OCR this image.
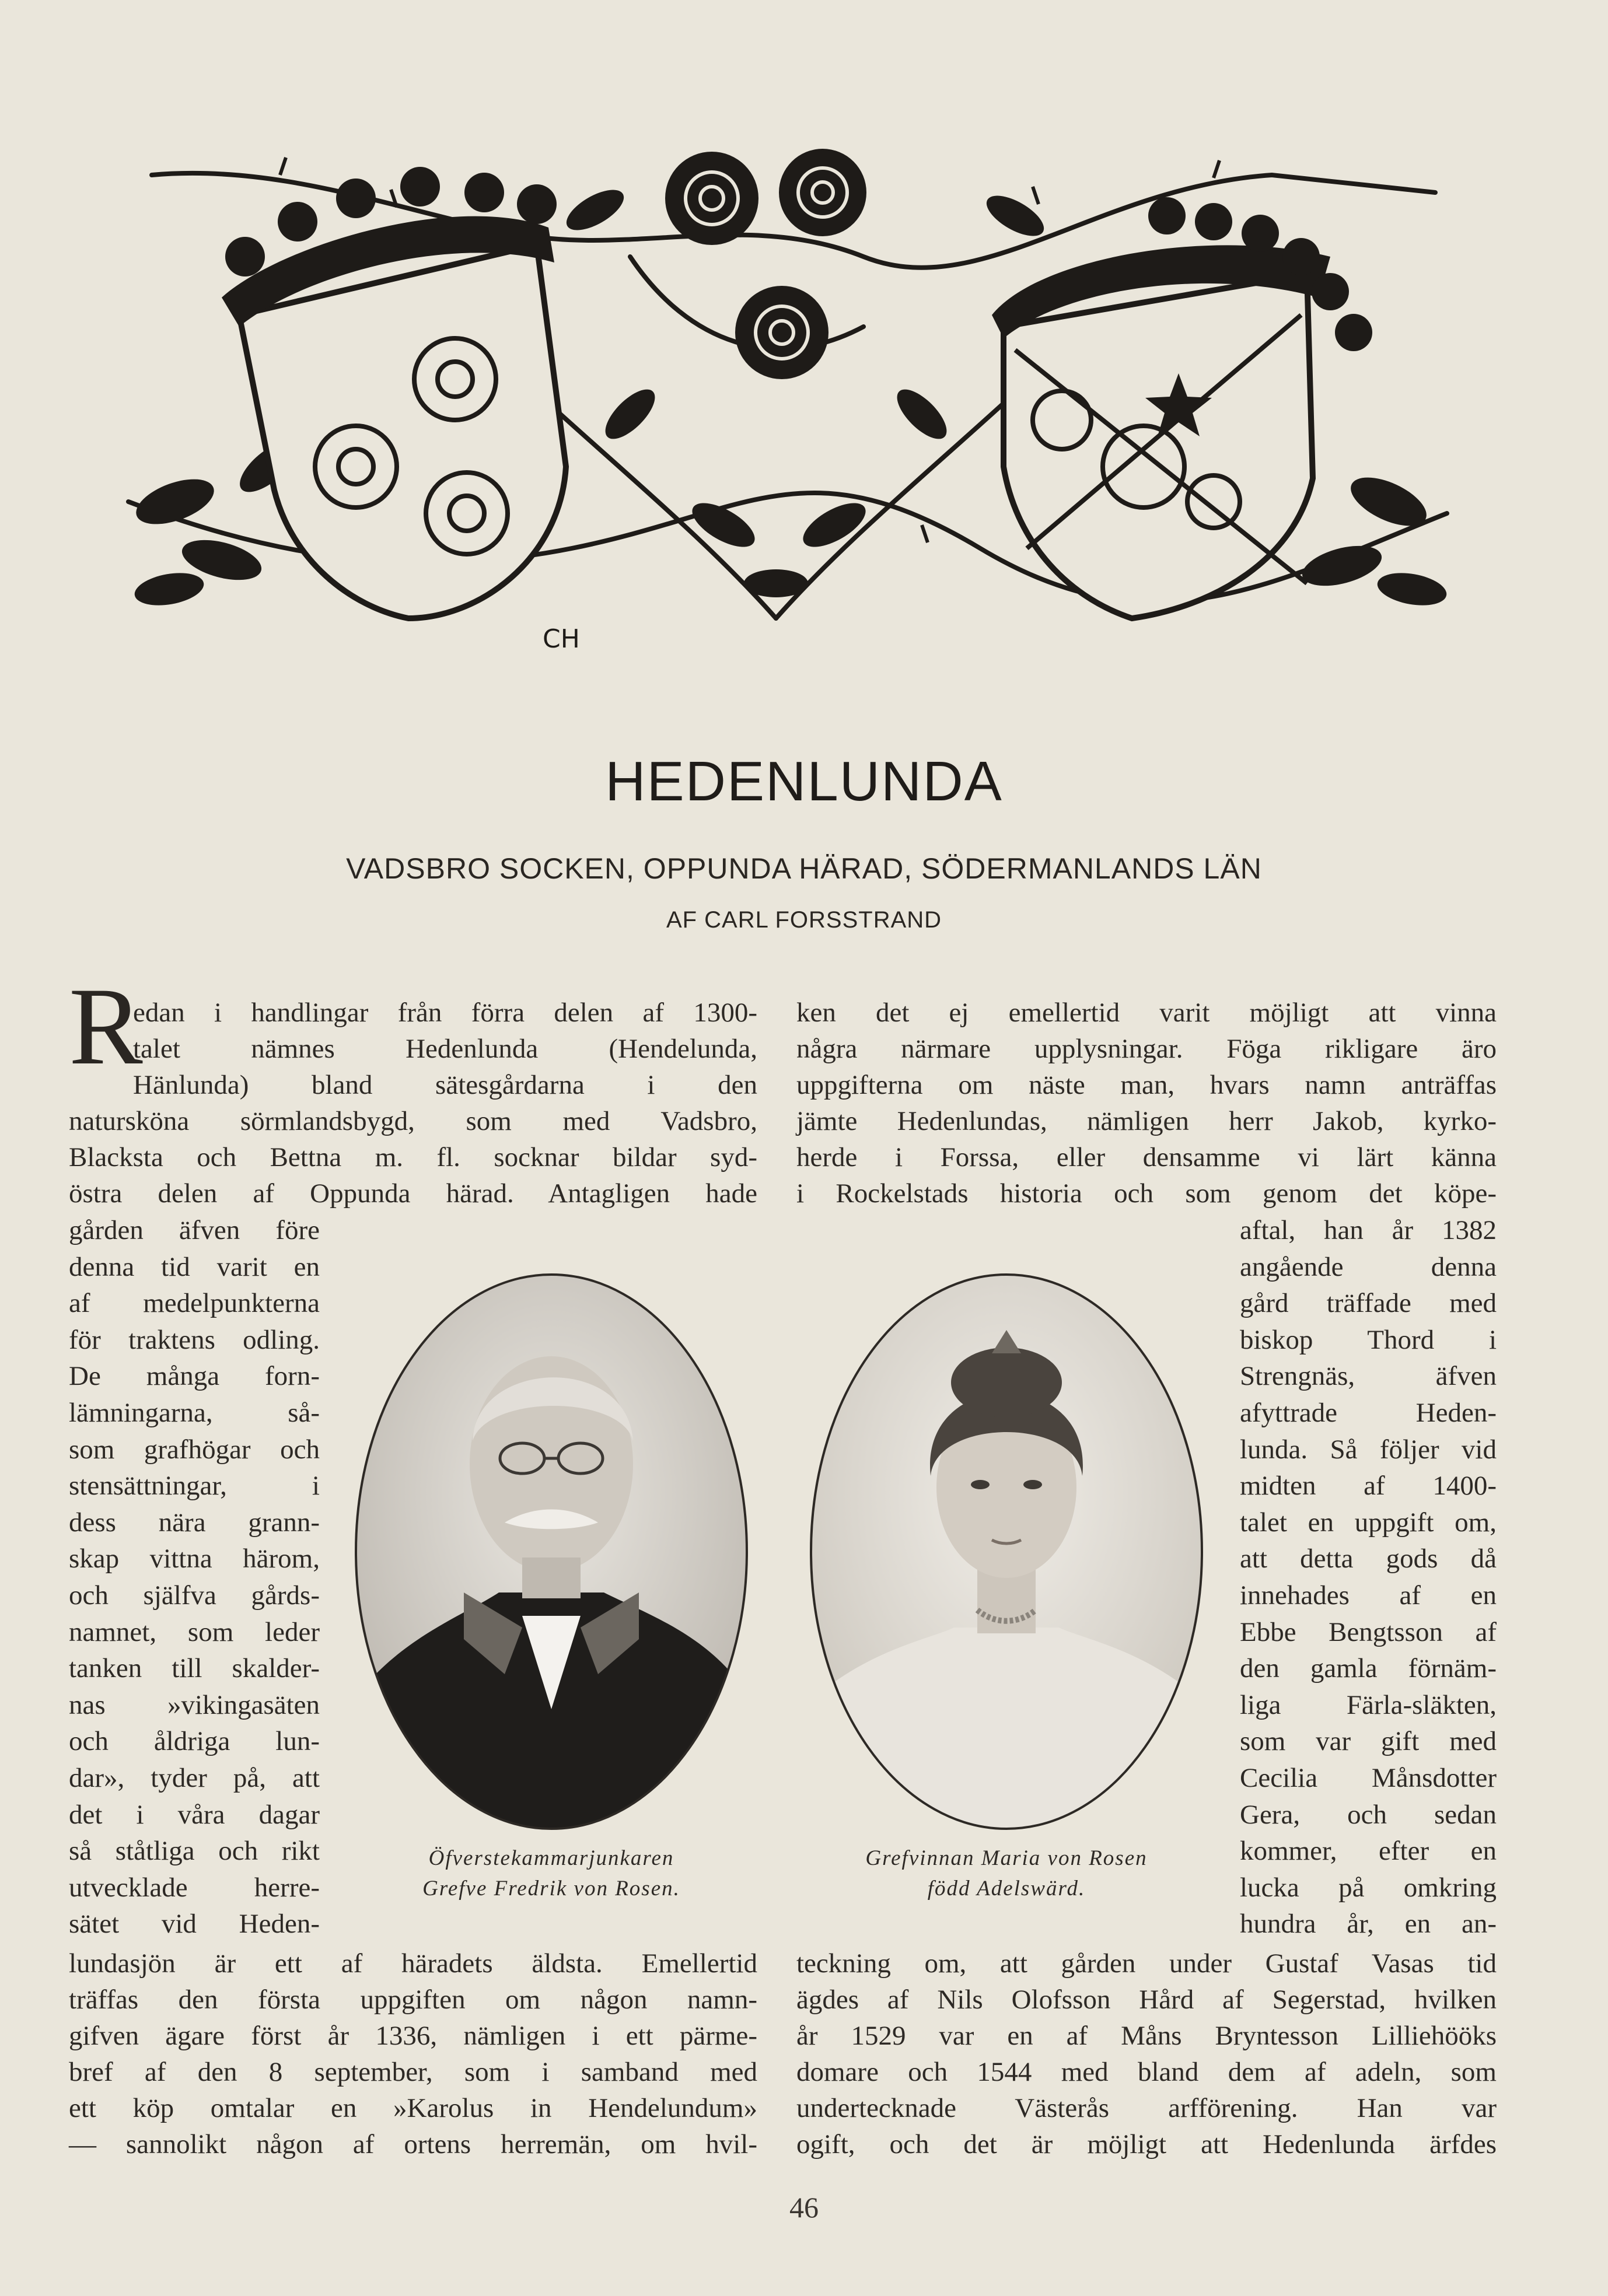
CH
HEDENLUNDA
VADSBRO SOCKEN, OPPUNDA HÄRAD, SÖDERMANLANDS LÄN
AF CARL FORSSTRAND
R
edan i handlingar från förra delen af 1300-
talet nämnes Hedenlunda (Hendelunda,
Hänlunda) bland sätesgårdarna i den
natursköna sörmlandsbygd, som med Vadsbro,
Blacksta och Bettna m. fl. socknar bildar syd-
östra delen af Oppunda härad. Antagligen hade
gården äfven före
denna tid varit en
af medelpunkterna
för traktens odling.
De många forn-
lämningarna, så-
som grafhögar och
stensättningar, i
dess nära grann-
skap vittna härom,
och själfva gårds-
namnet, som leder
tanken till skalder-
nas »vikingasäten
och åldriga lun-
dar», tyder på, att
det i våra dagar
så ståtliga och rikt
utvecklade herre-
sätet vid Heden-
lundasjön är ett af häradets äldsta. Emellertid
träffas den första uppgiften om någon namn-
gifven ägare först år 1336, nämligen i ett pärme-
bref af den 8 september, som i samband med
ett köp omtalar en »Karolus in Hendelundum»
— sannolikt någon af ortens herremän, om hvil-
ken det ej emellertid varit möjligt att vinna
några närmare upplysningar. Föga rikligare äro
uppgifterna om näste man, hvars namn anträffas
jämte Hedenlundas, nämligen herr Jakob, kyrko-
herde i Forssa, eller densamme vi lärt känna
i Rockelstads historia och som genom det köpe-
aftal, han år 1382
angående denna
gård träffade med
biskop Thord i
Strengnäs, äfven
afyttrade Heden-
lunda. Så följer vid
midten af 1400-
talet en uppgift om,
att detta gods då
innehades af en
Ebbe Bengtsson af
den gamla förnäm-
liga Färla-släkten,
som var gift med
Cecilia Månsdotter
Gera, och sedan
kommer, efter en
lucka på omkring
hundra år, en an-
teckning om, att gården under Gustaf Vasas tid
ägdes af Nils Olofsson Hård af Segerstad, hvilken
år 1529 var en af Måns Bryntesson Lilliehööks
domare och 1544 med bland dem af adeln, som
undertecknade Västerås arfförening. Han var
ogift, och det är möjligt att Hedenlunda ärfdes
Öfverstekammarjunkaren
Grefve Fredrik von Rosen.
Grefvinnan Maria von Rosen
född Adelswärd.
46
